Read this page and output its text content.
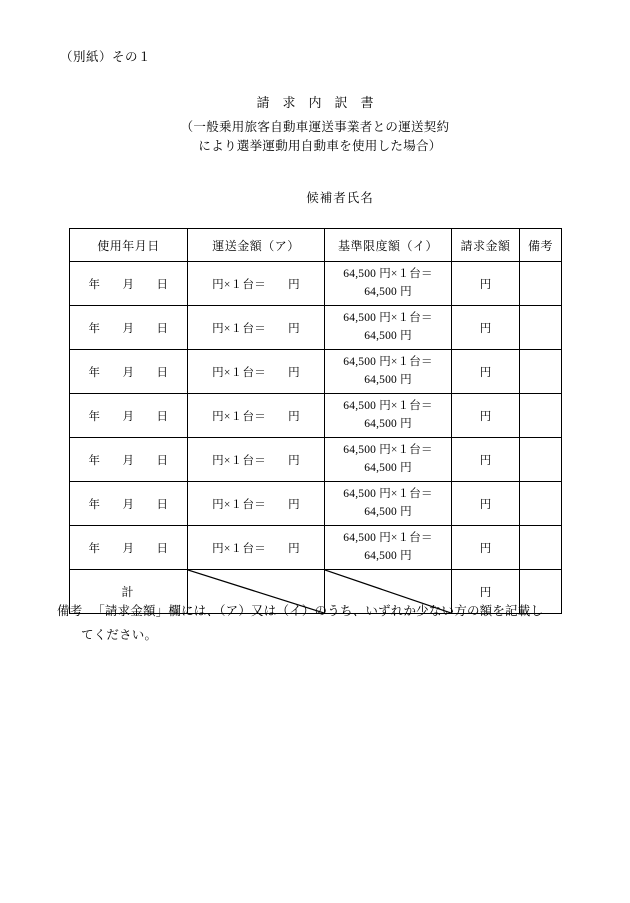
（別紙）その１
請求内訳書
（一般乗用旅客自動車運送事業者との運送契約
により選挙運動用自動車を使用した場合）
候補者氏名
使用年月日	運送金額（ア）	基準限度額（イ）	請求金額	備考

年 月 日	円×１台＝ 円	64,500 円×１台＝
64,500 円	円	

年 月 日	円×１台＝ 円	64,500 円×１台＝
64,500 円	円	

年 月 日	円×１台＝ 円	64,500 円×１台＝
64,500 円	円	

年 月 日	円×１台＝ 円	64,500 円×１台＝
64,500 円	円	

年 月 日	円×１台＝ 円	64,500 円×１台＝
64,500 円	円	

年 月 日	円×１台＝ 円	64,500 円×１台＝
64,500 円	円	

年 月 日	円×１台＝ 円	64,500 円×１台＝
64,500 円	円	
計			円	
備考 　 「請求金額」欄には、（ア）又は（イ）のうち、いずれか少ない方の額を記載し
てください。
